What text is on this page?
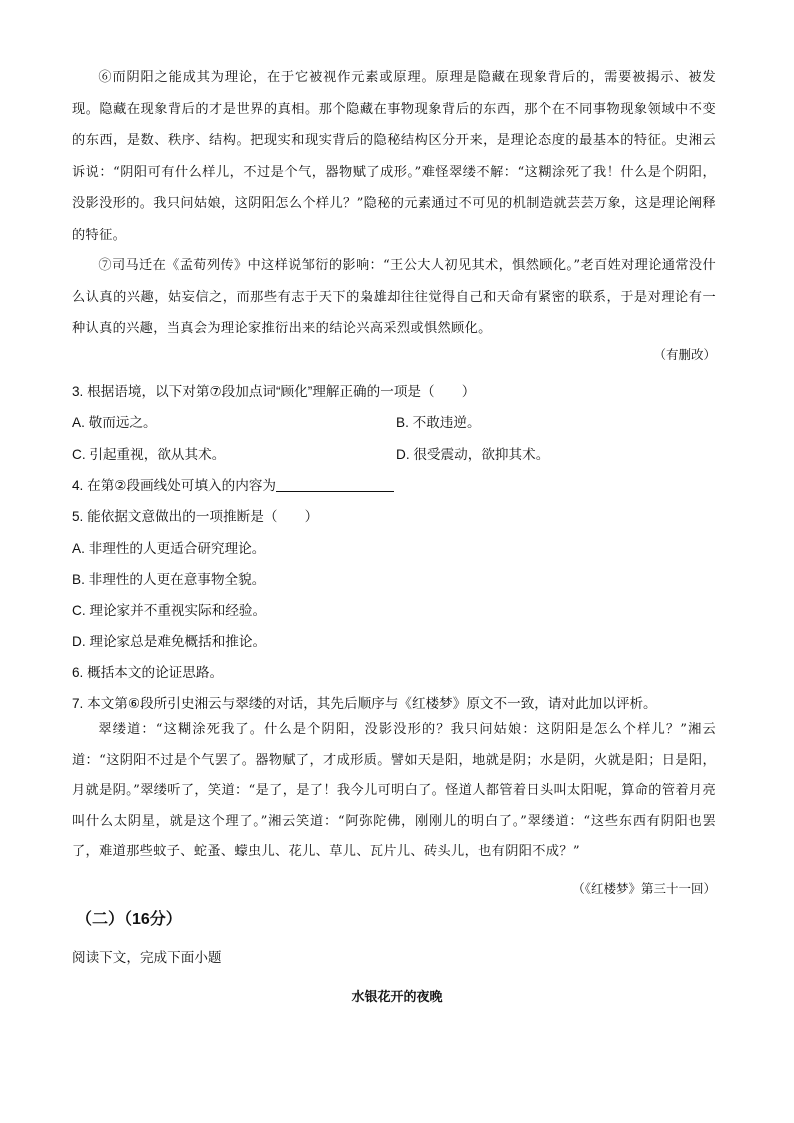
⑥而阴阳之能成其为理论，在于它被视作元素或原理。原理是隐藏在现象背后的，需要被揭示、被发现。隐藏在现象背后的才是世界的真相。那个隐藏在事物现象背后的东西，那个在不同事物现象领域中不变的东西，是数、秩序、结构。把现实和现实背后的隐秘结构区分开来，是理论态度的最基本的特征。史湘云诉说：“阴阳可有什么样儿，不过是个气，器物赋了成形。”难怪翠缕不解：“这糊涂死了我！什么是个阴阳，没影没形的。我只问姑娘，这阴阳怎么个样儿？”隐秘的元素通过不可见的机制造就芸芸万象，这是理论阐释的特征。

⑦司马迁在《孟荀列传》中这样说邹衍的影响：“王公大人初见其术，惧然顾化。”老百姓对理论通常没什么认真的兴趣，姑妄信之，而那些有志于天下的枭雄却往往觉得自己和天命有紧密的联系，于是对理论有一种认真的兴趣，当真会为理论家推衍出来的结论兴高采烈或惧然顾化。

（有删改）
3. 根据语境，以下对第⑦段加点词“顾化”理解正确的一项是（　　）
A. 敬而远之。	B. 不敢违逆。
C. 引起重视，欲从其术。	D. 很受震动，欲抑其术。
4. 在第②段画线处可填入的内容为
5. 能依据文意做出的一项推断是（　　）
A. 非理性的人更适合研究理论。
B. 非理性的人更在意事物全貌。
C. 理论家并不重视实际和经验。
D. 理论家总是难免概括和推论。
6. 概括本文的论证思路。
7. 本文第⑥段所引史湘云与翠缕的对话，其先后顺序与《红楼梦》原文不一致，请对此加以评析。

翠缕道：“这糊涂死我了。什么是个阴阳，没影没形的？我只问姑娘：这阴阳是怎么个样儿？”湘云道：“这阴阳不过是个气罢了。器物赋了，才成形质。譬如天是阳，地就是阴；水是阴，火就是阳；日是阳，月就是阴。”翠缕听了，笑道：“是了，是了！我今儿可明白了。怪道人都管着日头叫太阳呢，算命的管着月亮叫什么太阴星，就是这个理了。”湘云笑道：“阿弥陀佛，刚刚儿的明白了。”翠缕道：“这些东西有阴阳也罢了，难道那些蚊子、蛇蚤、蠓虫儿、花儿、草儿、瓦片儿、砖头儿，也有阴阳不成？”

（《红楼梦》第三十一回）
（二）（16分）
阅读下文，完成下面小题
水银花开的夜晚
